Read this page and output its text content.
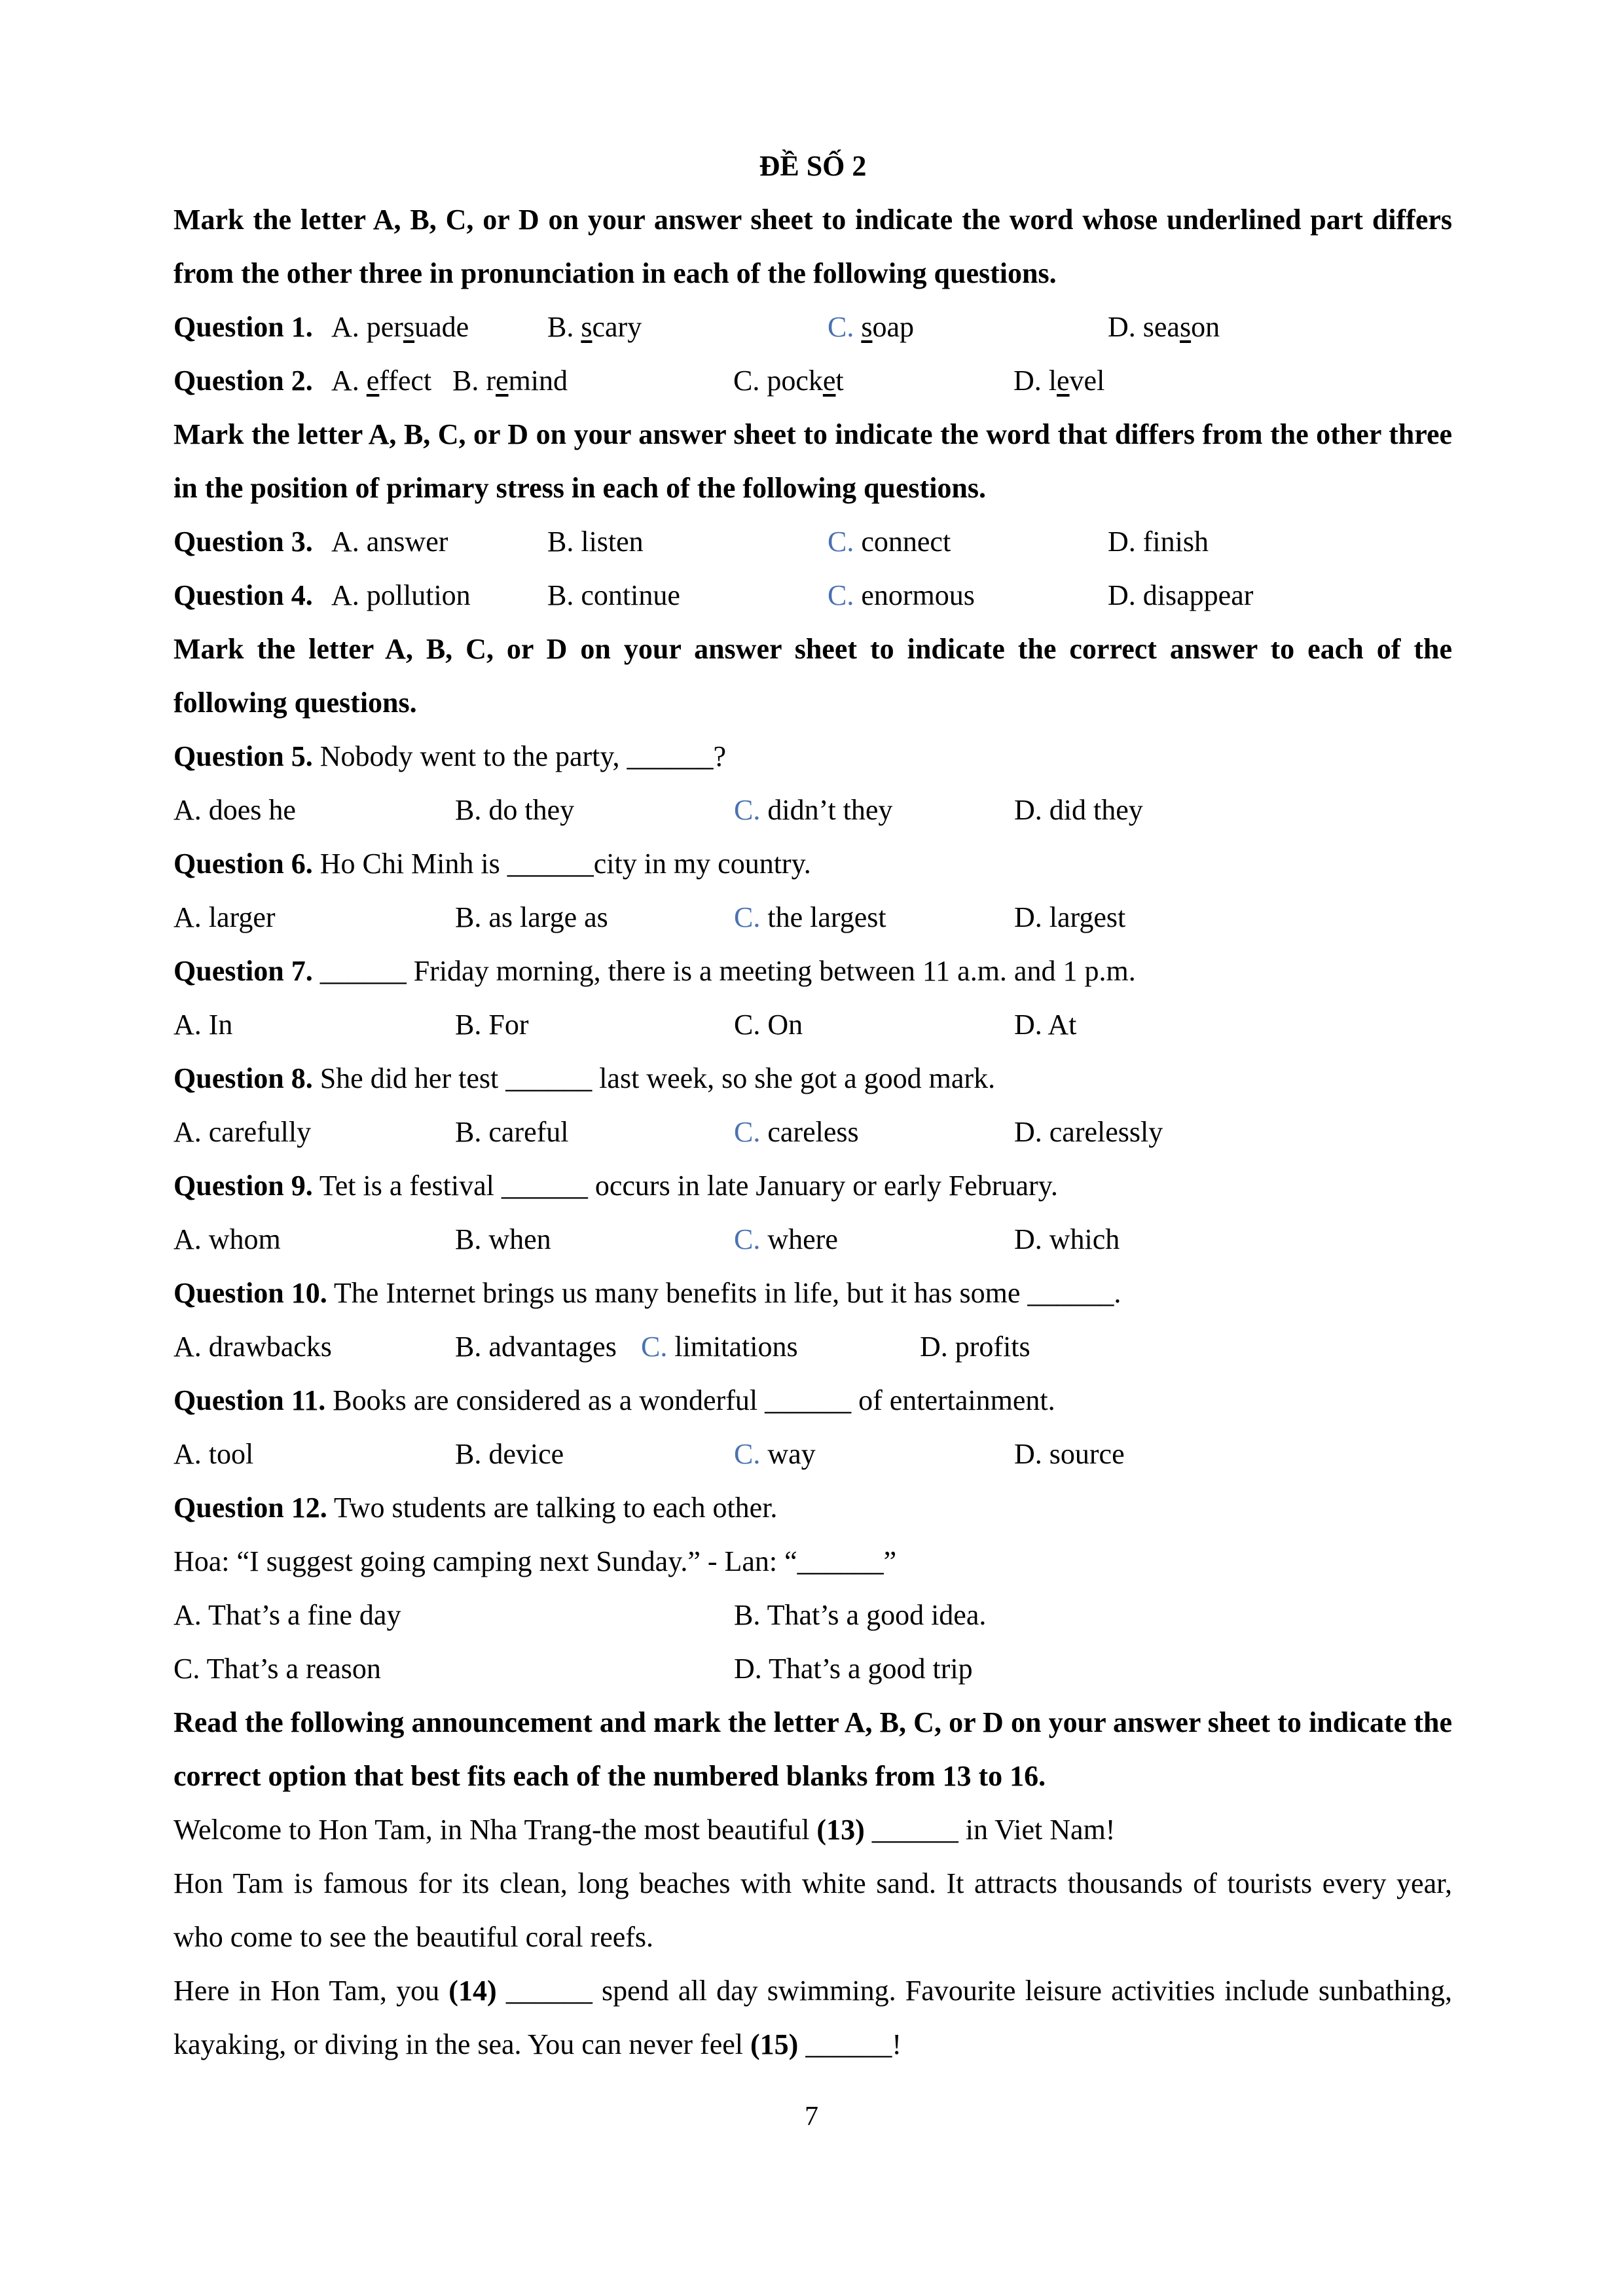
ĐỀ SỐ 2
Mark the letter A, B, C, or D on your answer sheet to indicate the word whose underlined part differs from the other three in pronunciation in each of the following questions.
Question 1. A. persuade	B. scary	C. soap	D. season
Question 2. A. effect B. remind	C. pocket	D. level
Mark the letter A, B, C, or D on your answer sheet to indicate the word that differs from the other three in the position of primary stress in each of the following questions.
Question 3. A. answer	B. listen	C. connect	D. finish
Question 4. A. pollution	B. continue	C. enormous	D. disappear
Mark the letter A, B, C, or D on your answer sheet to indicate the correct answer to each of the following questions.
Question 5. Nobody went to the party, ______?
A. does he	B. do they	C. didn’t they	D. did they
Question 6. Ho Chi Minh is ______city in my country.
A. larger	B. as large as	C. the largest	D. largest
Question 7. ______ Friday morning, there is a meeting between 11 a.m. and 1 p.m.
A. In	B. For	C. On	D. At
Question 8. She did her test ______ last week, so she got a good mark.
A. carefully	B. careful	C. careless	D. carelessly
Question 9. Tet is a festival ______ occurs in late January or early February.
A. whom	B. when	C. where	D. which
Question 10. The Internet brings us many benefits in life, but it has some ______.
A. drawbacks	B. advantages C. limitations	D. profits
Question 11. Books are considered as a wonderful ______ of entertainment.
A. tool	B. device	C. way	D. source
Question 12. Two students are talking to each other.
Hoa: “I suggest going camping next Sunday.” - Lan: “______”
A. That’s a fine day	B. That’s a good idea.
C. That’s a reason	D. That’s a good trip
Read the following announcement and mark the letter A, B, C, or D on your answer sheet to indicate the correct option that best fits each of the numbered blanks from 13 to 16.
Welcome to Hon Tam, in Nha Trang-the most beautiful (13) ______ in Viet Nam!
Hon Tam is famous for its clean, long beaches with white sand. It attracts thousands of tourists every year, who come to see the beautiful coral reefs.
Here in Hon Tam, you (14) ______ spend all day swimming. Favourite leisure activities include sunbathing, kayaking, or diving in the sea. You can never feel (15) ______!
7
